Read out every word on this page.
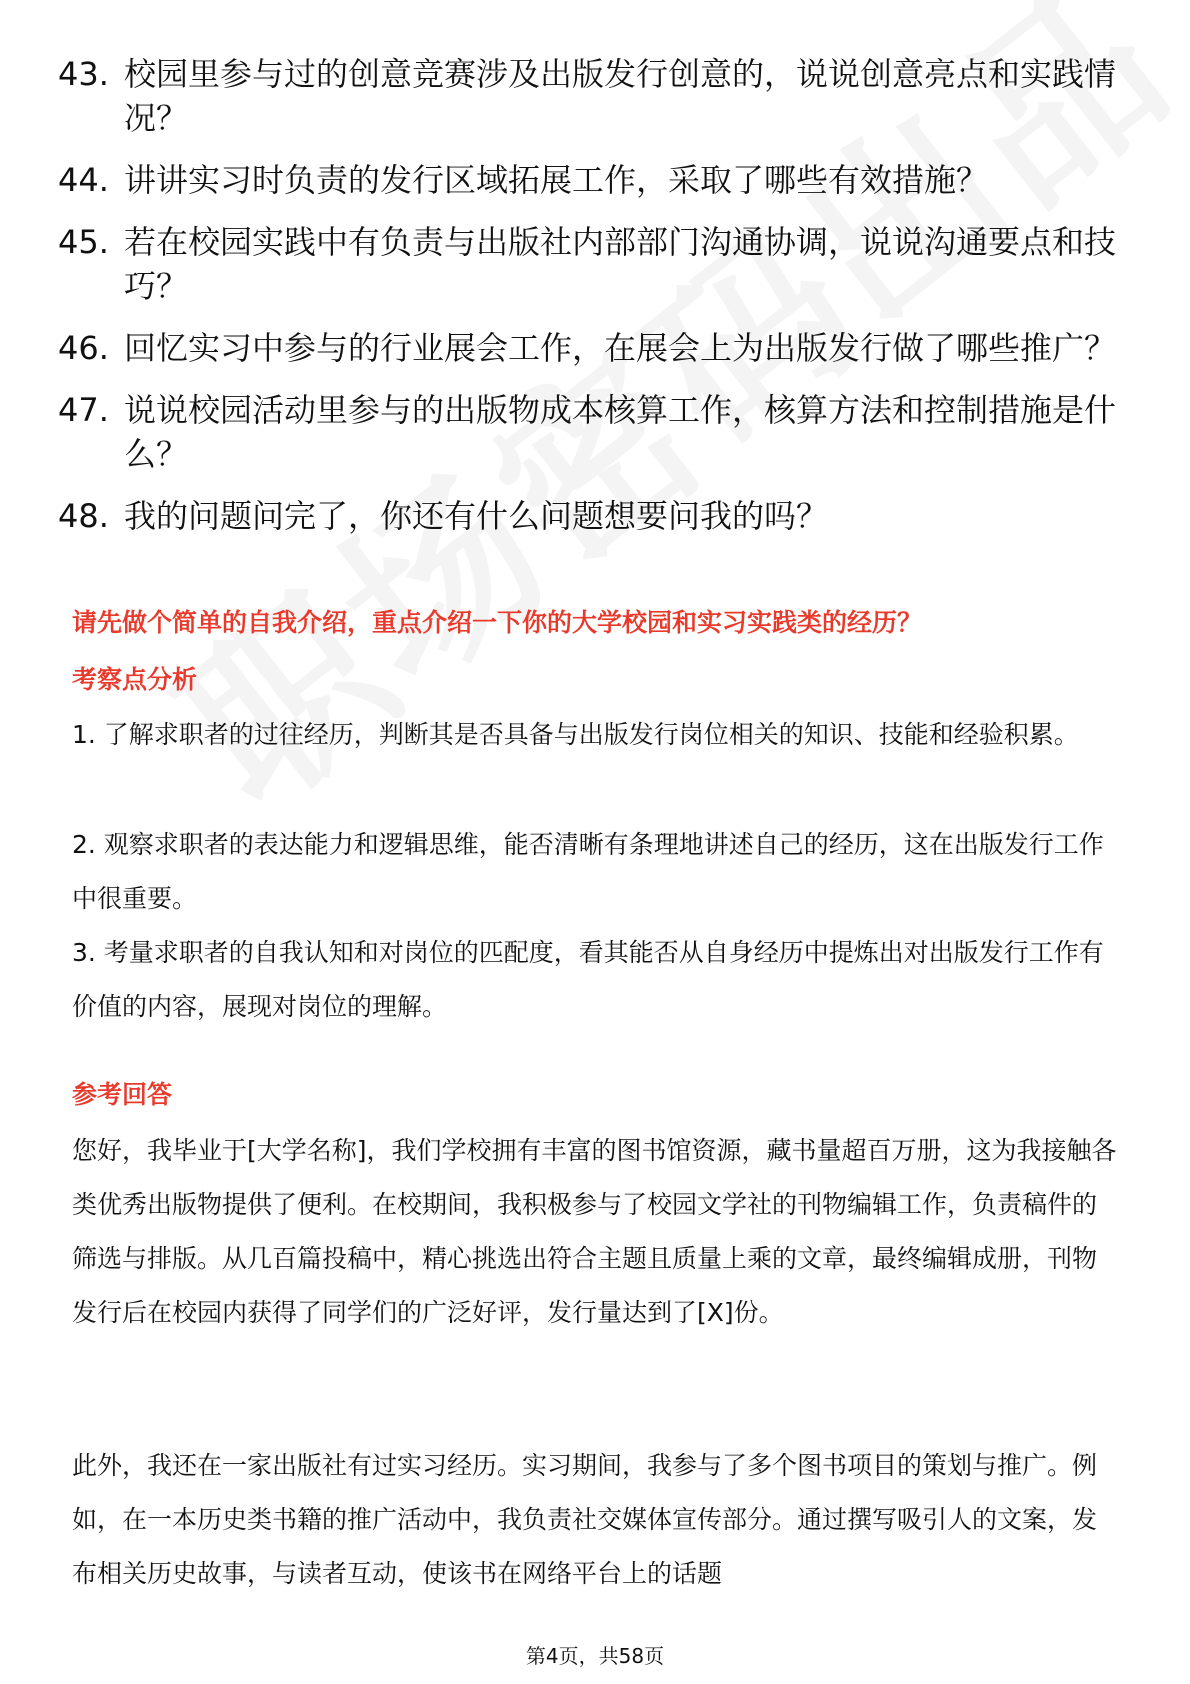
43. 校园里参与过的创意竞赛涉及出版发行创意的，说说创意亮点和实践情况？
44. 讲讲实习时负责的发行区域拓展工作，采取了哪些有效措施？
45. 若在校园实践中有负责与出版社内部部门沟通协调，说说沟通要点和技巧？
46. 回忆实习中参与的行业展会工作，在展会上为出版发行做了哪些推广？
47. 说说校园活动里参与的出版物成本核算工作，核算方法和控制措施是什么？
48. 我的问题问完了，你还有什么问题想要问我的吗？
请先做个简单的自我介绍，重点介绍一下你的大学校园和实习实践类的经历？
考察点分析
1. 了解求职者的过往经历，判断其是否具备与出版发行岗位相关的知识、技能和经验积累。
2. 观察求职者的表达能力和逻辑思维，能否清晰有条理地讲述自己的经历，这在出版发行工作中很重要。
3. 考量求职者的自我认知和对岗位的匹配度，看其能否从自身经历中提炼出对出版发行工作有价值的内容，展现对岗位的理解。
参考回答
您好，我毕业于[大学名称]，我们学校拥有丰富的图书馆资源，藏书量超百万册，这为我接触各类优秀出版物提供了便利。在校期间，我积极参与了校园文学社的刊物编辑工作，负责稿件的筛选与排版。从几百篇投稿中，精心挑选出符合主题且质量上乘的文章，最终编辑成册，刊物发行后在校园内获得了同学们的广泛好评，发行量达到了[X]份。
此外，我还在一家出版社有过实习经历。实习期间，我参与了多个图书项目的策划与推广。例如，在一本历史类书籍的推广活动中，我负责社交媒体宣传部分。通过撰写吸引人的文案，发布相关历史故事，与读者互动，使该书在网络平台上的话题
第4页，共58页
